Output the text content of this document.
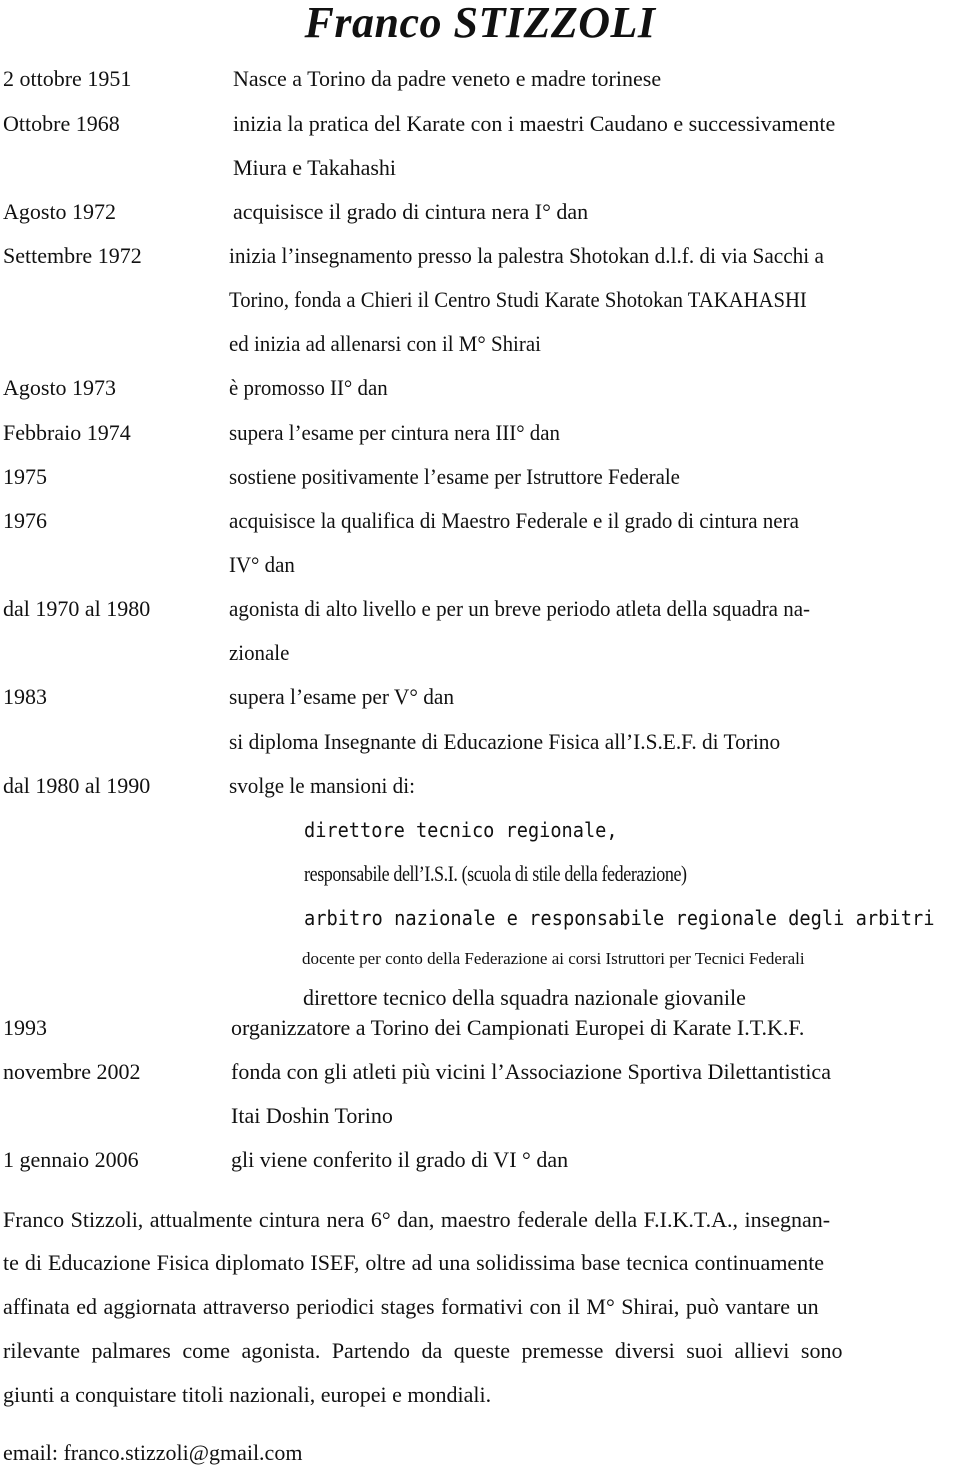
Franco STIZZOLI
2 ottobre 1951
Ottobre 1968
Agosto 1972
Settembre 1972
Agosto 1973
Febbraio 1974
1975
1976
dal 1970 al 1980
1983
dal 1980 al 1990
1993
novembre 2002
1 gennaio 2006
Nasce a Torino da padre veneto e madre torinese
inizia la pratica del Karate con i maestri Caudano e successivamente
Miura e Takahashi
acquisisce il grado di cintura nera I° dan
inizia l’insegnamento presso la palestra Shotokan d.l.f. di via Sacchi a
Torino, fonda a Chieri il Centro Studi Karate Shotokan TAKAHASHI
ed inizia ad allenarsi con il M° Shirai
è promosso II° dan
supera l’esame per cintura nera III° dan
sostiene positivamente l’esame per Istruttore Federale
acquisisce la qualifica di Maestro Federale e il grado di cintura nera
IV° dan
agonista di alto livello e per un breve periodo atleta della squadra na-
zionale
supera l’esame per V° dan
si diploma Insegnante di Educazione Fisica all’I.S.E.F. di Torino
svolge le mansioni di:
direttore tecnico regionale,
responsabile dell’I.S.I. (scuola di stile della federazione)
arbitro nazionale e responsabile regionale degli arbitri
docente per conto della Federazione ai corsi Istruttori per Tecnici Federali
direttore tecnico della squadra nazionale giovanile
organizzatore a Torino dei Campionati Europei di Karate I.T.K.F.
fonda con gli atleti più vicini l’Associazione Sportiva Dilettantistica
Itai Doshin Torino
gli viene conferito il grado di VI ° dan
Franco Stizzoli, attualmente cintura nera 6° dan, maestro federale della F.I.K.T.A., insegnan-
te di Educazione Fisica diplomato ISEF, oltre ad una solidissima base tecnica continuamente
affinata ed aggiornata attraverso periodici stages formativi con il M° Shirai, può vantare un
rilevante palmares come agonista. Partendo da queste premesse diversi suoi allievi sono
giunti a conquistare titoli nazionali, europei e mondiali.
email: franco.stizzoli@gmail.com
